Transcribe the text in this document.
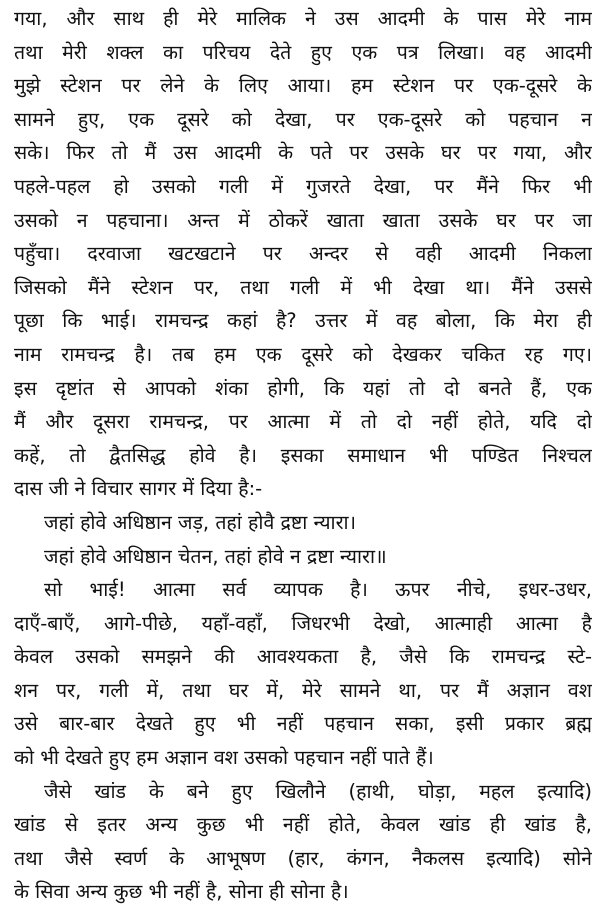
गया, और साथ ही मेरे मालिक ने उस आदमी के पास मेरे नाम
तथा मेरी शक्ल का परिचय देते हुए एक पत्र लिखा। वह आदमी
मुझे स्टेशन पर लेने के लिए आया। हम स्टेशन पर एक-दूसरे के
सामने हुए, एक दूसरे को देखा, पर एक-दूसरे को पहचान न
सके। फिर तो मैं उस आदमी के पते पर उसके घर पर गया, और
पहले-पहल हो उसको गली में गुजरते देखा, पर मैंने फिर भी
उसको न पहचाना। अन्त में ठोकरें खाता खाता उसके घर पर जा
पहुँचा। दरवाजा खटखटाने पर अन्दर से वही आदमी निकला
जिसको मैंने स्टेशन पर, तथा गली में भी देखा था। मैंने उससे
पूछा कि भाई। रामचन्द्र कहां है? उत्तर में वह बोला, कि मेरा ही
नाम रामचन्द्र है। तब हम एक दूसरे को देखकर चकित रह गए।
इस दृष्टांत से आपको शंका होगी, कि यहां तो दो बनते हैं, एक
मैं और दूसरा रामचन्द्र, पर आत्मा में तो दो नहीं होते, यदि दो
कहें, तो द्वैतसिद्ध होवे है। इसका समाधान भी पण्डित निश्चल
दास जी ने विचार सागर में दिया है:-
जहां होवे अधिष्ठान जड़, तहां होवै द्रष्टा न्यारा।
जहां होवे अधिष्ठान चेतन, तहां होवे न द्रष्टा न्यारा॥
सो भाई! आत्मा सर्व व्यापक है। ऊपर नीचे, इधर-उधर,
दाएँ-बाएँ, आगे-पीछे, यहाँ-वहाँ, जिधरभी देखो, आत्माही आत्मा है
केवल उसको समझने की आवश्यकता है, जैसे कि रामचन्द्र स्टे-
शन पर, गली में, तथा घर में, मेरे सामने था, पर मैं अज्ञान वश
उसे बार-बार देखते हुए भी नहीं पहचान सका, इसी प्रकार ब्रह्म
को भी देखते हुए हम अज्ञान वश उसको पहचान नहीं पाते हैं।
जैसे खांड के बने हुए खिलौने (हाथी, घोड़ा, महल इत्यादि)
खांड से इतर अन्य कुछ भी नहीं होते, केवल खांड ही खांड है,
तथा जैसे स्वर्ण के आभूषण (हार, कंगन, नैकलस इत्यादि) सोने
के सिवा अन्य कुछ भी नहीं है, सोना ही सोना है।
